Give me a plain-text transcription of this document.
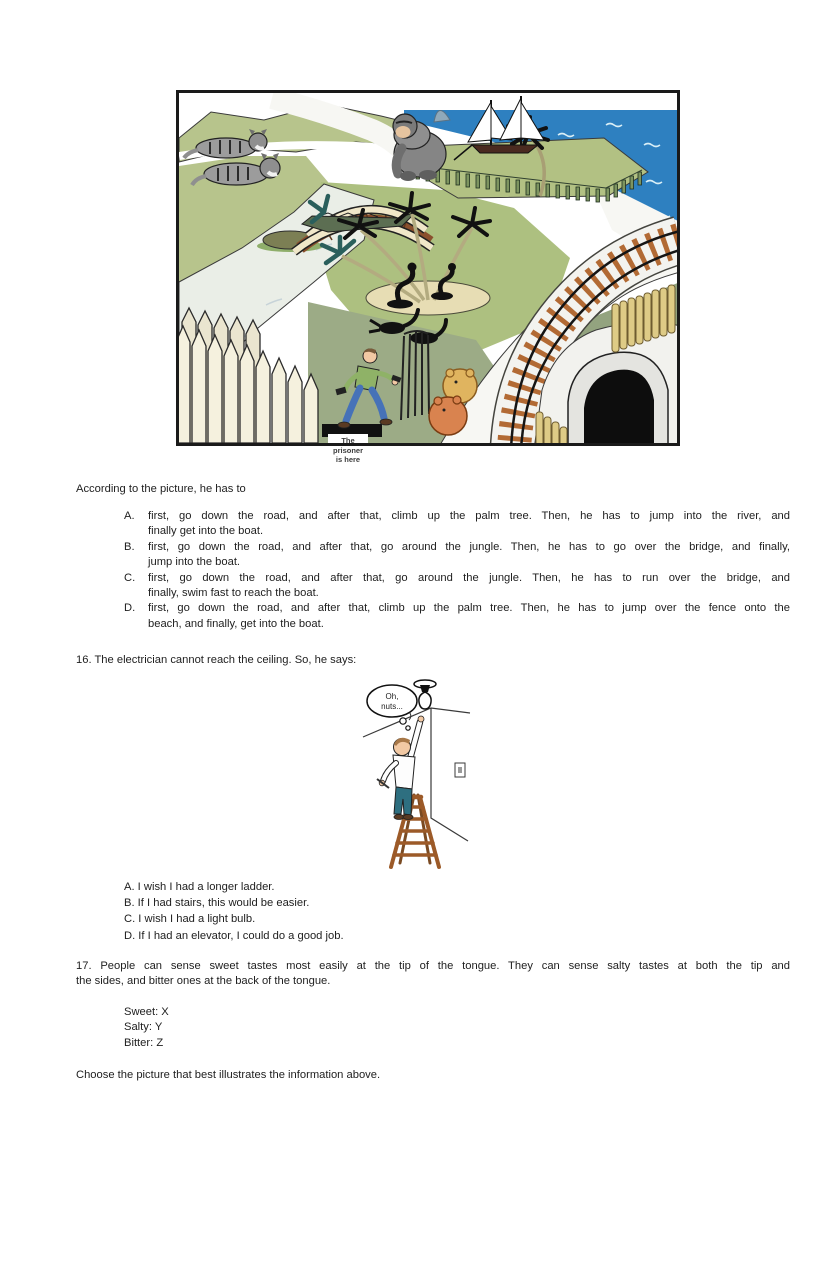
The
prisoner
is here
According to the picture, he has to
A.	first, go down the road, and after that, climb up the palm tree. Then, he has to jump into the river, and
finally get into the boat.
B.	first, go down the road, and after that, go around the jungle. Then, he has to go over the bridge, and finally,
jump into the boat.
C.	first, go down the road, and after that, go around the jungle. Then, he has to run over the bridge, and
finally, swim fast to reach the boat.
D.	first, go down the road, and after that, climb up the palm tree. Then, he has to jump over the fence onto the
beach, and finally, get into the boat.
16. The electrician cannot reach the ceiling. So, he says:
Oh,
nuts...
A. I wish I had a longer ladder.
B. If I had stairs, this would be easier.
C. I wish I had a light bulb.
D. If I had an elevator, I could do a good job.
17. People can sense sweet tastes most easily at the tip of the tongue. They can sense salty tastes at both the tip and
the sides, and bitter ones at the back of the tongue.
Sweet: X
Salty: Y
Bitter: Z
Choose the picture that best illustrates the information above.
